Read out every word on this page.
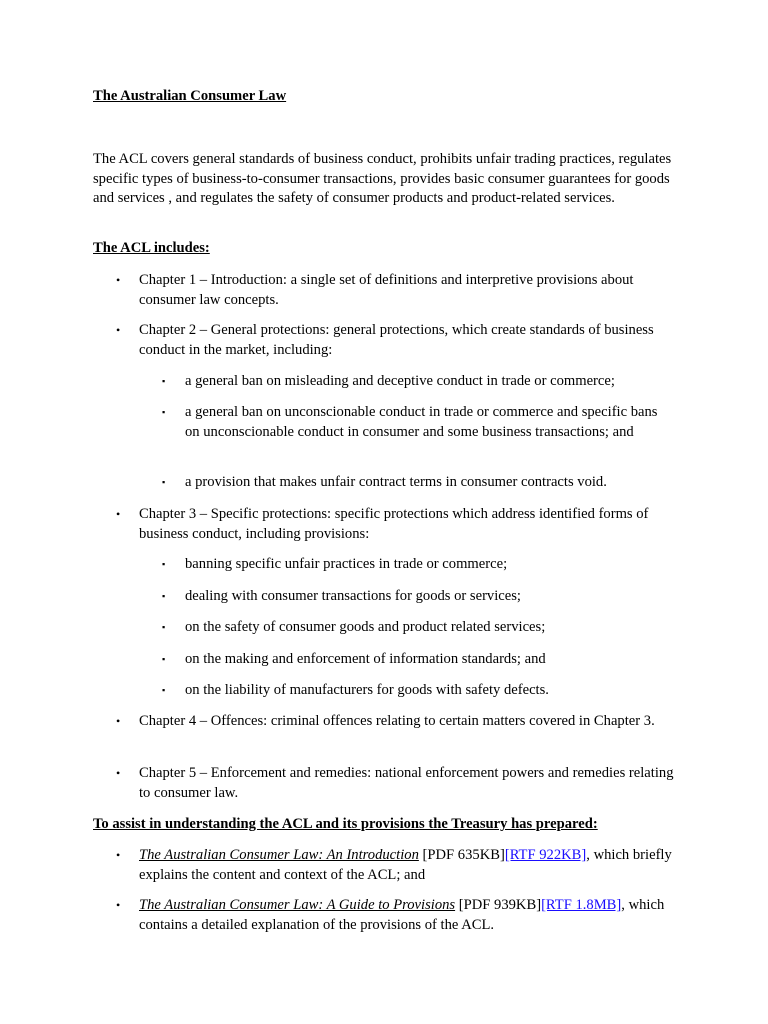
The Australian Consumer Law
The ACL covers general standards of business conduct, prohibits unfair trading practices, regulates specific types of business-to-consumer transactions, provides basic consumer guarantees for goods and services , and regulates the safety of consumer products and product-related services.
The ACL includes:
• Chapter 1 – Introduction: a single set of definitions and interpretive provisions about consumer law concepts.
• Chapter 2 – General protections: general protections, which create standards of business conduct in the market, including:
▪ a general ban on misleading and deceptive conduct in trade or commerce;
▪ a general ban on unconscionable conduct in trade or commerce and specific bans on unconscionable conduct in consumer and some business transactions; and
▪ a provision that makes unfair contract terms in consumer contracts void.
• Chapter 3 – Specific protections: specific protections which address identified forms of business conduct, including provisions:
▪ banning specific unfair practices in trade or commerce;
▪ dealing with consumer transactions for goods or services;
▪ on the safety of consumer goods and product related services;
▪ on the making and enforcement of information standards; and
▪ on the liability of manufacturers for goods with safety defects.
• Chapter 4 – Offences: criminal offences relating to certain matters covered in Chapter 3.
• Chapter 5 – Enforcement and remedies: national enforcement powers and remedies relating to consumer law.
To assist in understanding the ACL and its provisions the Treasury has prepared:
• The Australian Consumer Law: An Introduction [PDF 635KB][RTF 922KB], which briefly explains the content and context of the ACL; and
• The Australian Consumer Law: A Guide to Provisions [PDF 939KB][RTF 1.8MB], which contains a detailed explanation of the provisions of the ACL.
